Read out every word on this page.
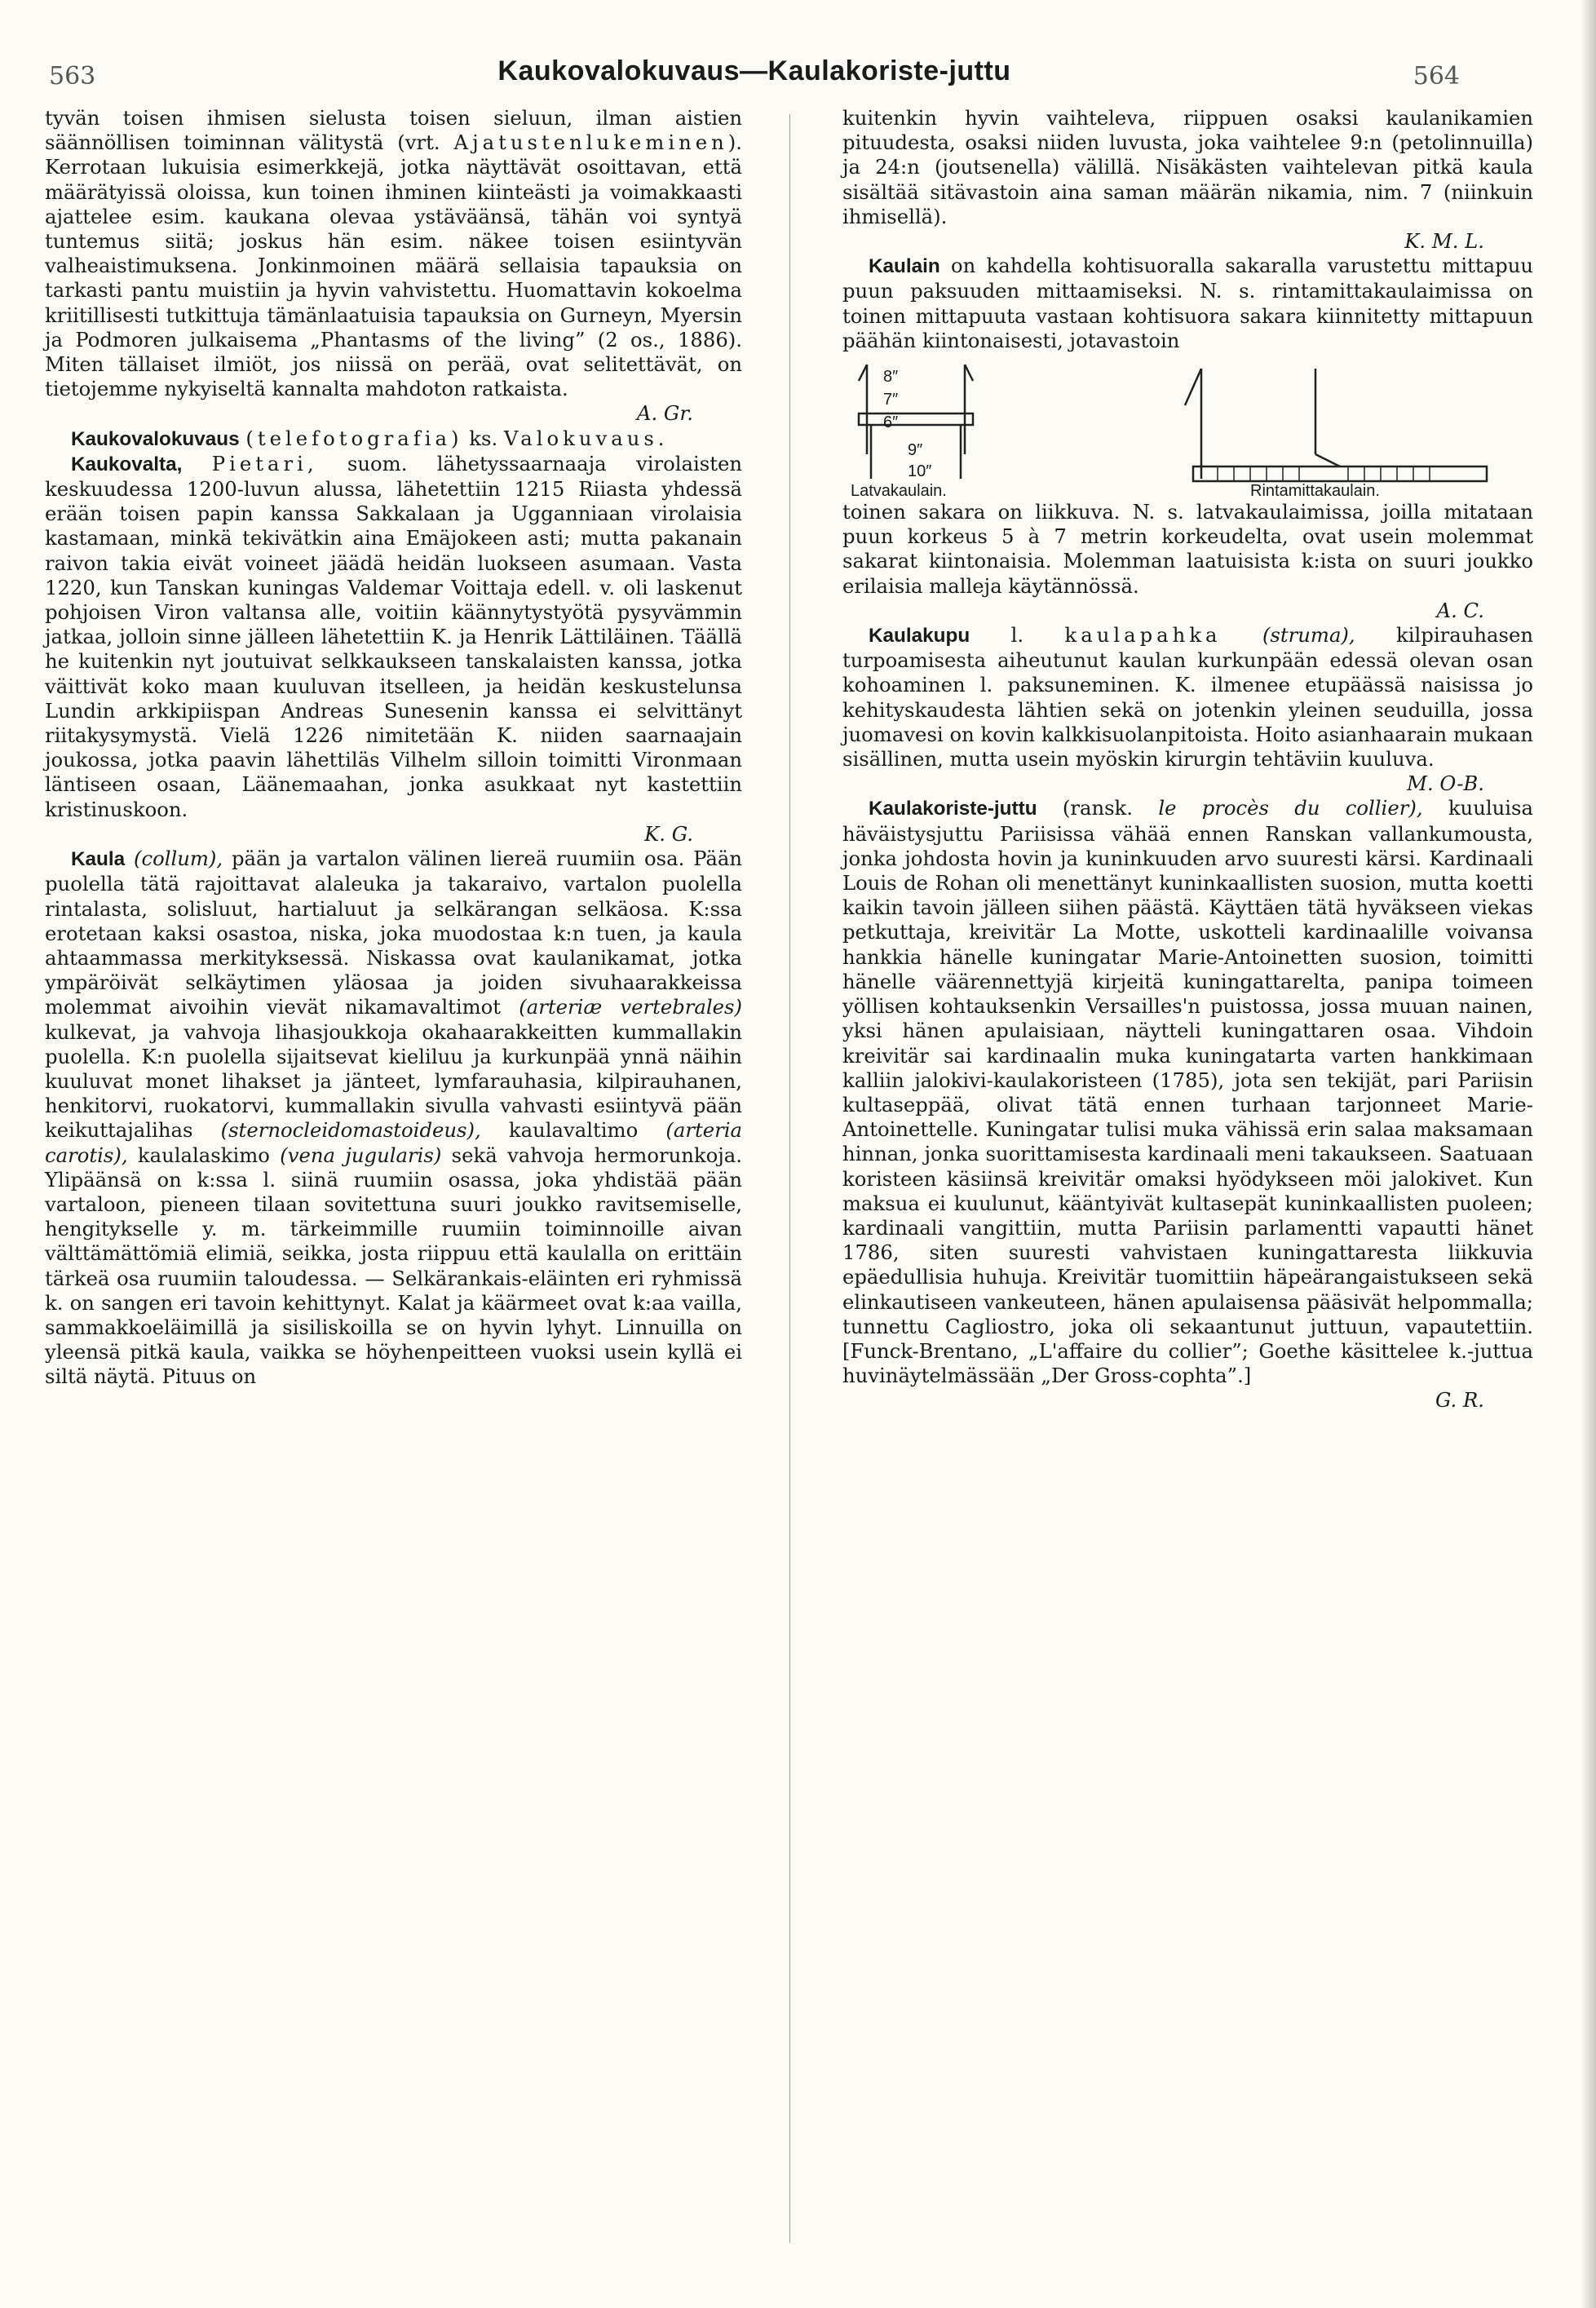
563	Kaukovalokuvaus—Kaulakoriste-juttu	564

tyvän toisen ihmisen sielusta toisen sieluun, ilman aistien säännöllisen toiminnan välitystä (vrt. Ajatustenlukeminen). Kerrotaan lukuisia esimerkkejä, jotka näyttävät osoittavan, että määrätyissä oloissa, kun toinen ihminen kiinteästi ja voimakkaasti ajattelee esim. kaukana olevaa ystäväänsä, tähän voi syntyä tuntemus siitä; joskus hän esim. näkee toisen esiintyvän valheaistimuksena. Jonkinmoinen määrä sellaisia tapauksia on tarkasti pantu muistiin ja hyvin vahvistettu. Huomattavin kokoelma kriitillisesti tutkittuja tämänlaatuisia tapauksia on Gurneyn, Myersin ja Podmoren julkaisema „Phantasms of the living” (2 os., 1886). Miten tällaiset ilmiöt, jos niissä on perää, ovat selitettävät, on tietojemme nykyiseltä kannalta mahdoton ratkaista.

A. Gr.

Kaukovalokuvaus (telefotografia) ks. Valokuvaus.

Kaukovalta, Pietari, suom. lähetyssaarnaaja virolaisten keskuudessa 1200-luvun alussa, lähetettiin 1215 Riiasta yhdessä erään toisen papin kanssa Sakkalaan ja Ugganniaan virolaisia kastamaan, minkä tekivätkin aina Emäjokeen asti; mutta pakanain raivon takia eivät voineet jäädä heidän luokseen asumaan. Vasta 1220, kun Tanskan kuningas Valdemar Voittaja edell. v. oli laskenut pohjoisen Viron valtansa alle, voitiin käännytystyötä pysyvämmin jatkaa, jolloin sinne jälleen lähetettiin K. ja Henrik Lättiläinen. Täällä he kuitenkin nyt joutuivat selkkaukseen tanskalaisten kanssa, jotka väittivät koko maan kuuluvan itselleen, ja heidän keskustelunsa Lundin arkkipiispan Andreas Sunesenin kanssa ei selvittänyt riitakysymystä. Vielä 1226 nimitetään K. niiden saarnaajain joukossa, jotka paavin lähettiläs Vilhelm silloin toimitti Vironmaan läntiseen osaan, Läänemaahan, jonka asukkaat nyt kastettiin kristinuskoon.

K. G.

Kaula (collum), pään ja vartalon välinen liereä ruumiin osa. Pään puolella tätä rajoittavat alaleuka ja takaraivo, vartalon puolella rintalasta, solisluut, hartialuut ja selkärangan selkäosa. K:ssa erotetaan kaksi osastoa, niska, joka muodostaa k:n tuen, ja kaula ahtaammassa merkityksessä. Niskassa ovat kaulanikamat, jotka ympäröivät selkäytimen yläosaa ja joiden sivuhaarakkeissa molemmat aivoihin vievät nikamavaltimot (arteriæ vertebrales) kulkevat, ja vahvoja lihasjoukkoja okahaarakkeitten kummallakin puolella. K:n puolella sijaitsevat kieliluu ja kurkunpää ynnä näihin kuuluvat monet lihakset ja jänteet, lymfarauhasia, kilpirauhanen, henkitorvi, ruokatorvi, kummallakin sivulla vahvasti esiintyvä pään keikuttajalihas (sternocleidomastoideus), kaulavaltimo (arteria carotis), kaulalaskimo (vena jugularis) sekä vahvoja hermorunkoja. Ylipäänsä on k:ssa l. siinä ruumiin osassa, joka yhdistää pään vartaloon, pieneen tilaan sovitettuna suuri joukko ravitsemiselle, hengitykselle y. m. tärkeimmille ruumiin toiminnoille aivan välttämättömiä elimiä, seikka, josta riippuu että kaulalla on erittäin tärkeä osa ruumiin taloudessa. — Selkärankais-eläinten eri ryhmissä k. on sangen eri tavoin kehittynyt. Kalat ja käärmeet ovat k:aa vailla, sammakkoeläimillä ja sisiliskoilla se on hyvin lyhyt. Linnuilla on yleensä pitkä kaula, vaikka se höyhenpeitteen vuoksi usein kyllä ei siltä näytä. Pituus on

kuitenkin hyvin vaihteleva, riippuen osaksi kaulanikamien pituudesta, osaksi niiden luvusta, joka vaihtelee 9:n (petolinnuilla) ja 24:n (joutsenella) välillä. Nisäkästen vaihtelevan pitkä kaula sisältää sitävastoin aina saman määrän nikamia, nim. 7 (niinkuin ihmisellä).

K. M. L.

Kaulain on kahdella kohtisuoralla sakaralla varustettu mittapuu puun paksuuden mittaamiseksi. N. s. rintamittakaulaimissa on toinen mittapuuta vastaan kohtisuora sakara kiinnitetty mittapuun päähän kiintonaisesti, jotavastoin

8″
7″
6″
9″
10″
Latvakaulain.	Rintamittakaulain.

toinen sakara on liikkuva. N. s. latvakaulaimissa, joilla mitataan puun korkeus 5 à 7 metrin korkeudelta, ovat usein molemmat sakarat kiintonaisia. Molemman laatuisista k:ista on suuri joukko erilaisia malleja käytännössä.

A. C.

Kaulakupu l. kaulapahka (struma), kilpirauhasen turpoamisesta aiheutunut kaulan kurkunpään edessä olevan osan kohoaminen l. paksuneminen. K. ilmenee etupäässä naisissa jo kehityskaudesta lähtien sekä on jotenkin yleinen seuduilla, jossa juomavesi on kovin kalkkisuolanpitoista. Hoito asianhaarain mukaan sisällinen, mutta usein myöskin kirurgin tehtäviin kuuluva.

M. O-B.

Kaulakoriste-juttu (ransk. le procès du collier), kuuluisa häväistysjuttu Pariisissa vähää ennen Ranskan vallankumousta, jonka johdosta hovin ja kuninkuuden arvo suuresti kärsi. Kardinaali Louis de Rohan oli menettänyt kuninkaallisten suosion, mutta koetti kaikin tavoin jälleen siihen päästä. Käyttäen tätä hyväkseen viekas petkuttaja, kreivitär La Motte, uskotteli kardinaalille voivansa hankkia hänelle kuningatar Marie-Antoinetten suosion, toimitti hänelle väärennettyjä kirjeitä kuningattarelta, panipa toimeen yöllisen kohtauksenkin Versailles'n puistossa, jossa muuan nainen, yksi hänen apulaisiaan, näytteli kuningattaren osaa. Vihdoin kreivitär sai kardinaalin muka kuningatarta varten hankkimaan kalliin jalokivi-kaulakoristeen (1785), jota sen tekijät, pari Pariisin kultaseppää, olivat tätä ennen turhaan tarjonneet Marie-Antoinettelle. Kuningatar tulisi muka vähissä erin salaa maksamaan hinnan, jonka suorittamisesta kardinaali meni takaukseen. Saatuaan koristeen käsiinsä kreivitär omaksi hyödykseen möi jalokivet. Kun maksua ei kuulunut, kääntyivät kultasepät kuninkaallisten puoleen; kardinaali vangittiin, mutta Pariisin parlamentti vapautti hänet 1786, siten suuresti vahvistaen kuningattaresta liikkuvia epäedullisia huhuja. Kreivitär tuomittiin häpeärangaistukseen sekä elinkautiseen vankeuteen, hänen apulaisensa pääsivät helpommalla; tunnettu Cagliostro, joka oli sekaantunut juttuun, vapautettiin. [Funck-Brentano, „L'affaire du collier”; Goethe käsittelee k.-juttua huvinäytelmässään „Der Gross-cophta”.]

G. R.
